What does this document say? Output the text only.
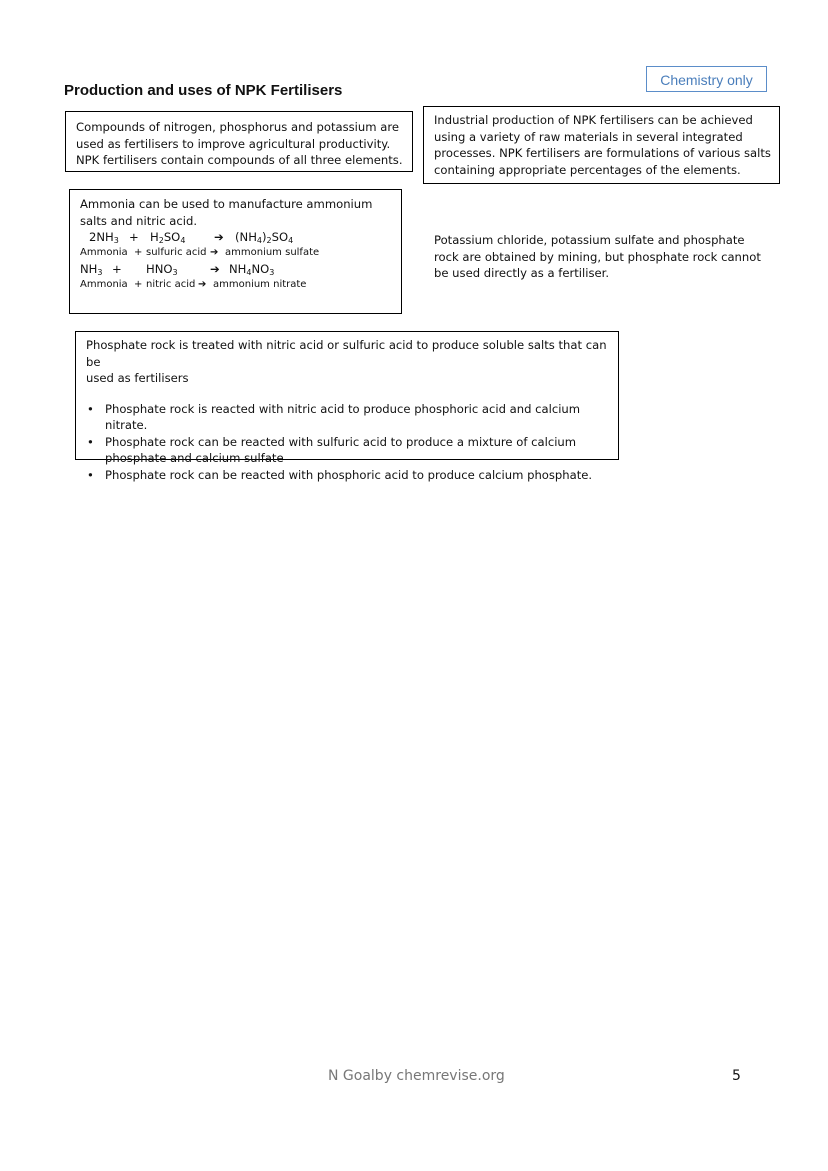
Production and uses of NPK Fertilisers
Chemistry only
Compounds of nitrogen, phosphorus and potassium are
used as fertilisers to improve agricultural productivity.
NPK fertilisers contain compounds of all three elements.
Industrial production of NPK fertilisers can be achieved
using a variety of raw materials in several integrated
processes. NPK fertilisers are formulations of various salts
containing appropriate percentages of the elements.
Ammonia can be used to manufacture ammonium
salts and nitric acid.
$2NH_3 + H_2SO_4$ ➔ $(NH_4)_2SO_4$
Ammonia + sulfuric acid ➔ ammonium sulfate
$NH_3 + HNO_3$	➔ $NH_4NO_3$
Ammonia + nitric acid ➔ ammonium nitrate
Potassium chloride, potassium sulfate and phosphate
rock are obtained by mining, but phosphate rock cannot
be used directly as a fertiliser.
Phosphate rock is treated with nitric acid or sulfuric acid to produce soluble salts that can be
used as fertilisers
• Phosphate rock is reacted with nitric acid to produce phosphoric acid and calcium nitrate.
• Phosphate rock can be reacted with sulfuric acid to produce a mixture of calcium
phosphate and calcium sulfate
• Phosphate rock can be reacted with phosphoric acid to produce calcium phosphate.
N Goalby chemrevise.org	5
